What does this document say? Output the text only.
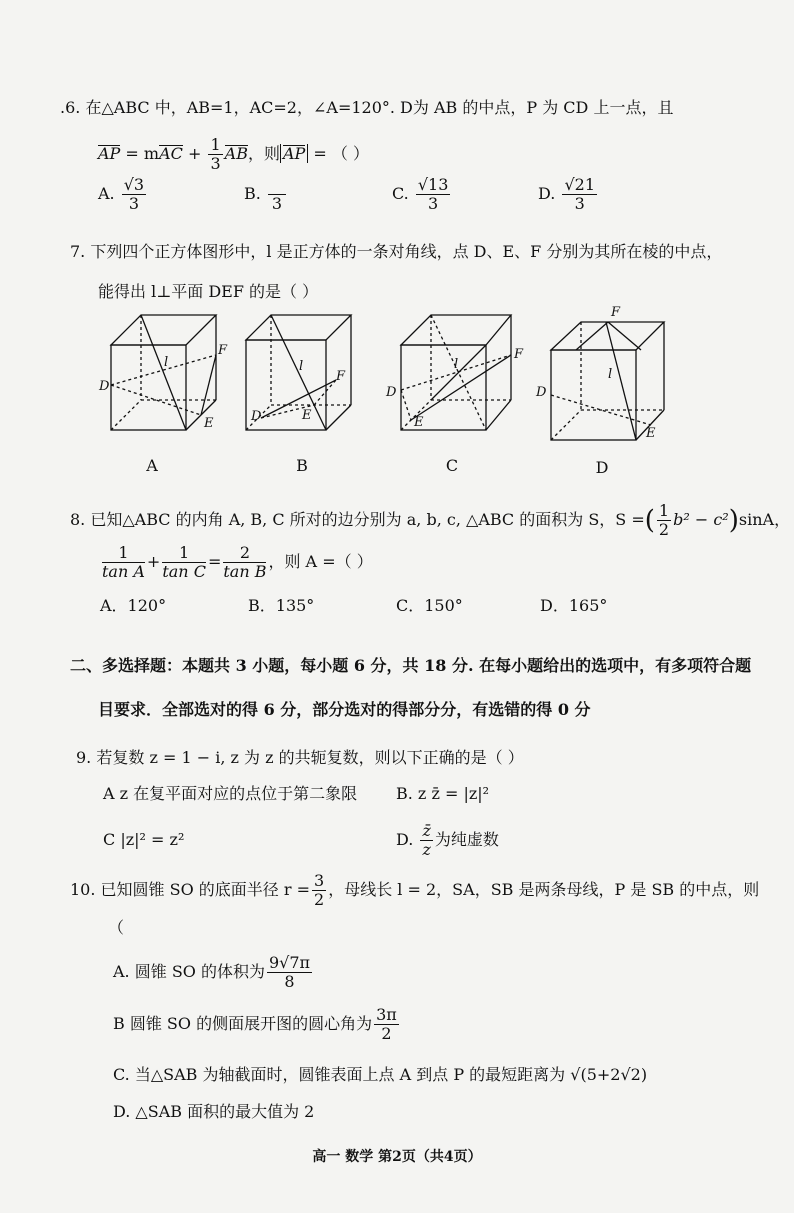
.6. 在△ABC 中，AB=1，AC=2，∠A=120°. D为 AB 的中点，P 为 CD 上一点，且
AP = mAC + $\frac{1}{3}$ AB，则 AP = （ ）
A. $\frac{√3}{3}$	B.
3
C. $\frac{√13}{3}$	D. $\frac{√21}{3}$
7. 下列四个正方体图形中，l 是正方体的一条对角线，点 D、E、F 分别为其所在棱的中点，
能得出 l⊥平面 DEF 的是（ ）
D
F
E
l
D
F
E
l
D
F
E
l
D
F
E
l
A	B	C	D
8. 已知△ABC 的内角 A, B, C 所对的边分别为 a, b, c, △ABC 的面积为 S，S =( $\frac{1}{2} b^2 - c^2)\sin A$，
$\frac{1}{\text{tan A}} + \frac{1}{\text{tan C}} = \frac{2}{\text{tan B}}$ ，则 A =（ ）
A．120°	B．135°	C．150°	D．165°
二、多选择题：本题共 3 小题，每小题 6 分，共 18 分. 在每小题给出的选项中，有多项符合题
目要求．全部选对的得 6 分，部分选对的得部分分，有选错的得 0 分
9. 若复数 z = 1 − i, z 为 z 的共轭复数，则以下正确的是（ ）
A z 在复平面对应的点位于第二象限 B. z z̄ = |z|²
C |z|² = z²	D. $\frac{z̄}{z}$ 为纯虚数
10. 已知圆锥 SO 的底面半径 $r = \frac{3}{2}$ ，母线长 l = 2，SA，SB 是两条母线，P 是 SB 的中点，则
（
A. 圆锥 SO 的体积为 $\frac{9√7\pi}{8}$
B 圆锥 SO 的侧面展开图的圆心角为 $\frac{3\pi}{2}$
C. 当△SAB 为轴截面时，圆锥表面上点 A 到点 P 的最短距离为 √(5+2√2)
D. △SAB 面积的最大值为 2
高一 数学 第2页（共4页）
